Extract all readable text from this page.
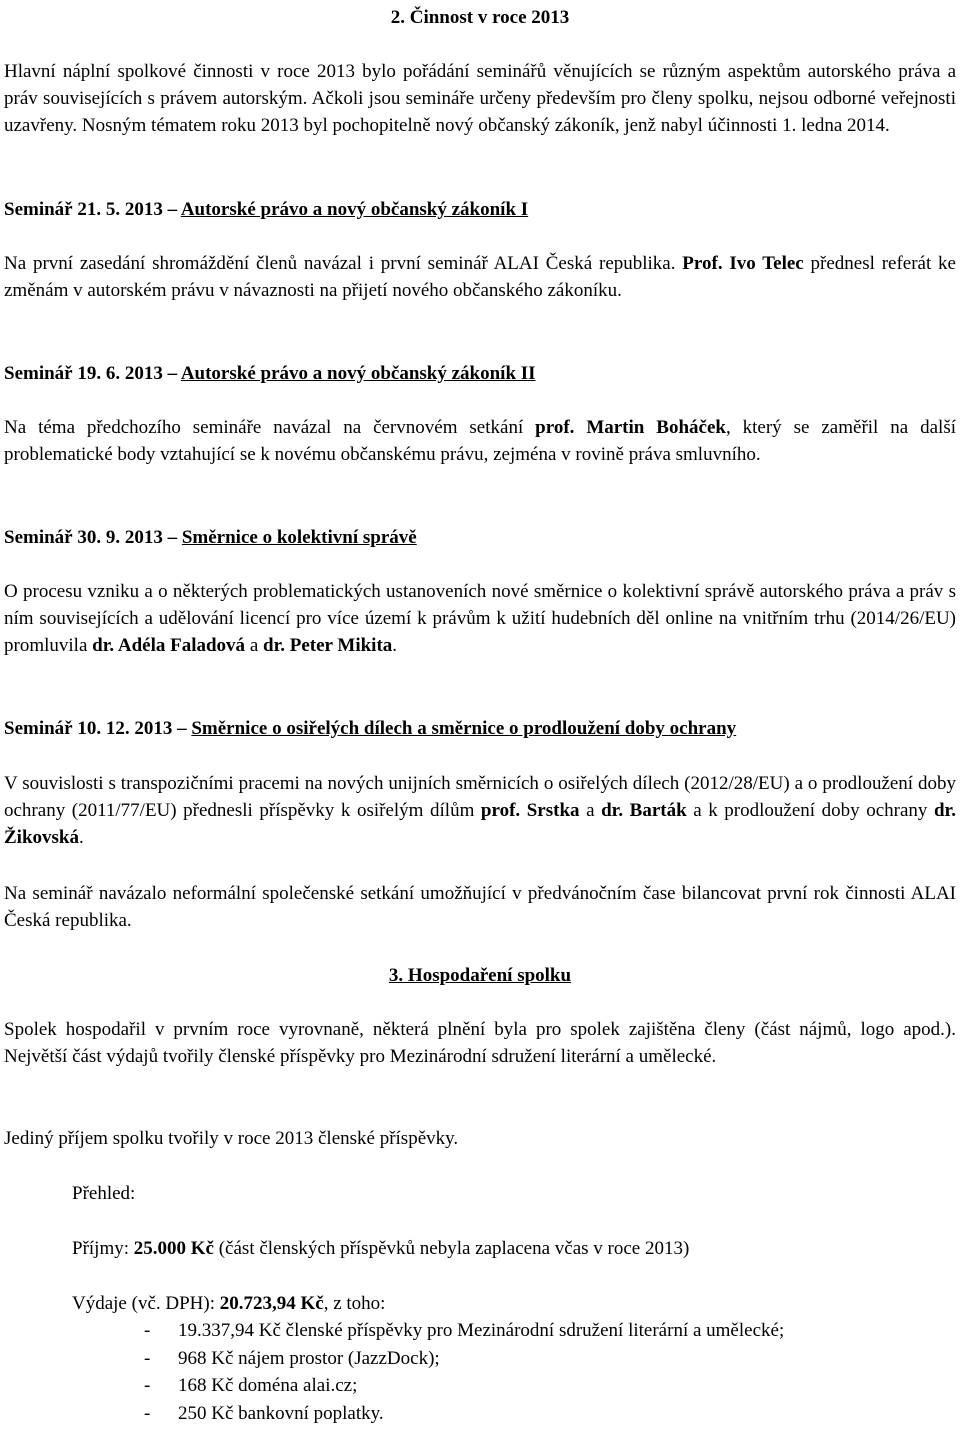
2. Činnost v roce 2013

Hlavní náplní spolkové činnosti v roce 2013 bylo pořádání seminářů věnujících se různým aspektům autorského práva a práv souvisejících s právem autorským. Ačkoli jsou semináře určeny především pro členy spolku, nejsou odborné veřejnosti uzavřeny. Nosným tématem roku 2013 byl pochopitelně nový občanský zákoník, jenž nabyl účinnosti 1. ledna 2014.

Seminář 21. 5. 2013 – Autorské právo a nový občanský zákoník I

Na první zasedání shromáždění členů navázal i první seminář ALAI Česká republika. Prof. Ivo Telec přednesl referát ke změnám v autorském právu v návaznosti na přijetí nového občanského zákoníku.

Seminář 19. 6. 2013 – Autorské právo a nový občanský zákoník II

Na téma předchozího semináře navázal na červnovém setkání prof. Martin Boháček, který se zaměřil na další problematické body vztahující se k novému občanskému právu, zejména v rovině práva smluvního.

Seminář 30. 9. 2013 – Směrnice o kolektivní správě

O procesu vzniku a o některých problematických ustanoveních nové směrnice o kolektivní správě autorského práva a práv s ním souvisejících a udělování licencí pro více území k právům k užití hudebních děl online na vnitřním trhu (2014/26/EU) promluvila dr. Adéla Faladová a dr. Peter Mikita.

Seminář 10. 12. 2013 – Směrnice o osiřelých dílech a směrnice o prodloužení doby ochrany

V souvislosti s transpozičními pracemi na nových unijních směrnicích o osiřelých dílech (2012/28/EU) a o prodloužení doby ochrany (2011/77/EU) přednesli příspěvky k osiřelým dílům prof. Srstka a dr. Barták a k prodloužení doby ochrany dr. Žikovská.

Na seminář navázalo neformální společenské setkání umožňující v předvánočním čase bilancovat první rok činnosti ALAI Česká republika.

3. Hospodaření spolku

Spolek hospodařil v prvním roce vyrovnaně, některá plnění byla pro spolek zajištěna členy (část nájmů, logo apod.). Největší část výdajů tvořily členské příspěvky pro Mezinárodní sdružení literární a umělecké.

Jediný příjem spolku tvořily v roce 2013 členské příspěvky.

Přehled:

Příjmy: 25.000 Kč (část členských příspěvků nebyla zaplacena včas v roce 2013)

Výdaje (vč. DPH): 20.723,94 Kč, z toho:

- 19.337,94 Kč členské příspěvky pro Mezinárodní sdružení literární a umělecké;
- 968 Kč nájem prostor (JazzDock);
- 168 Kč doména alai.cz;
- 250 Kč bankovní poplatky.
